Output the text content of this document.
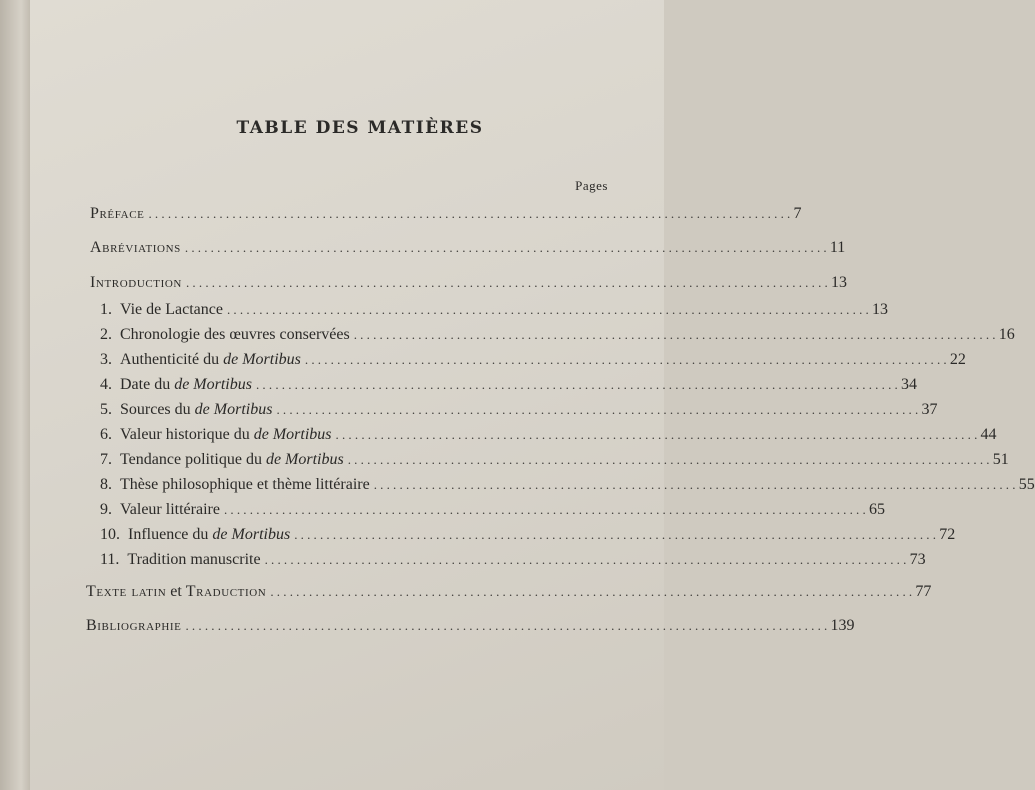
TABLE DES MATIÈRES
Pages
Préface .................................................................................................... 7
Abréviations .................................................................................................... 11
Introduction .................................................................................................... 13
1. Vie de Lactance .................................................................................................... 13
2. Chronologie des œuvres conservées .................................................................................................... 16
3. Authenticité du de Mortibus .................................................................................................... 22
4. Date du de Mortibus .................................................................................................... 34
5. Sources du de Mortibus .................................................................................................... 37
6. Valeur historique du de Mortibus .................................................................................................... 44
7. Tendance politique du de Mortibus .................................................................................................... 51
8. Thèse philosophique et thème littéraire .................................................................................................... 55
9. Valeur littéraire .................................................................................................... 65
10. Influence du de Mortibus .................................................................................................... 72
11. Tradition manuscrite .................................................................................................... 73
Texte latin et Traduction .................................................................................................... 77
Bibliographie .................................................................................................... 139
